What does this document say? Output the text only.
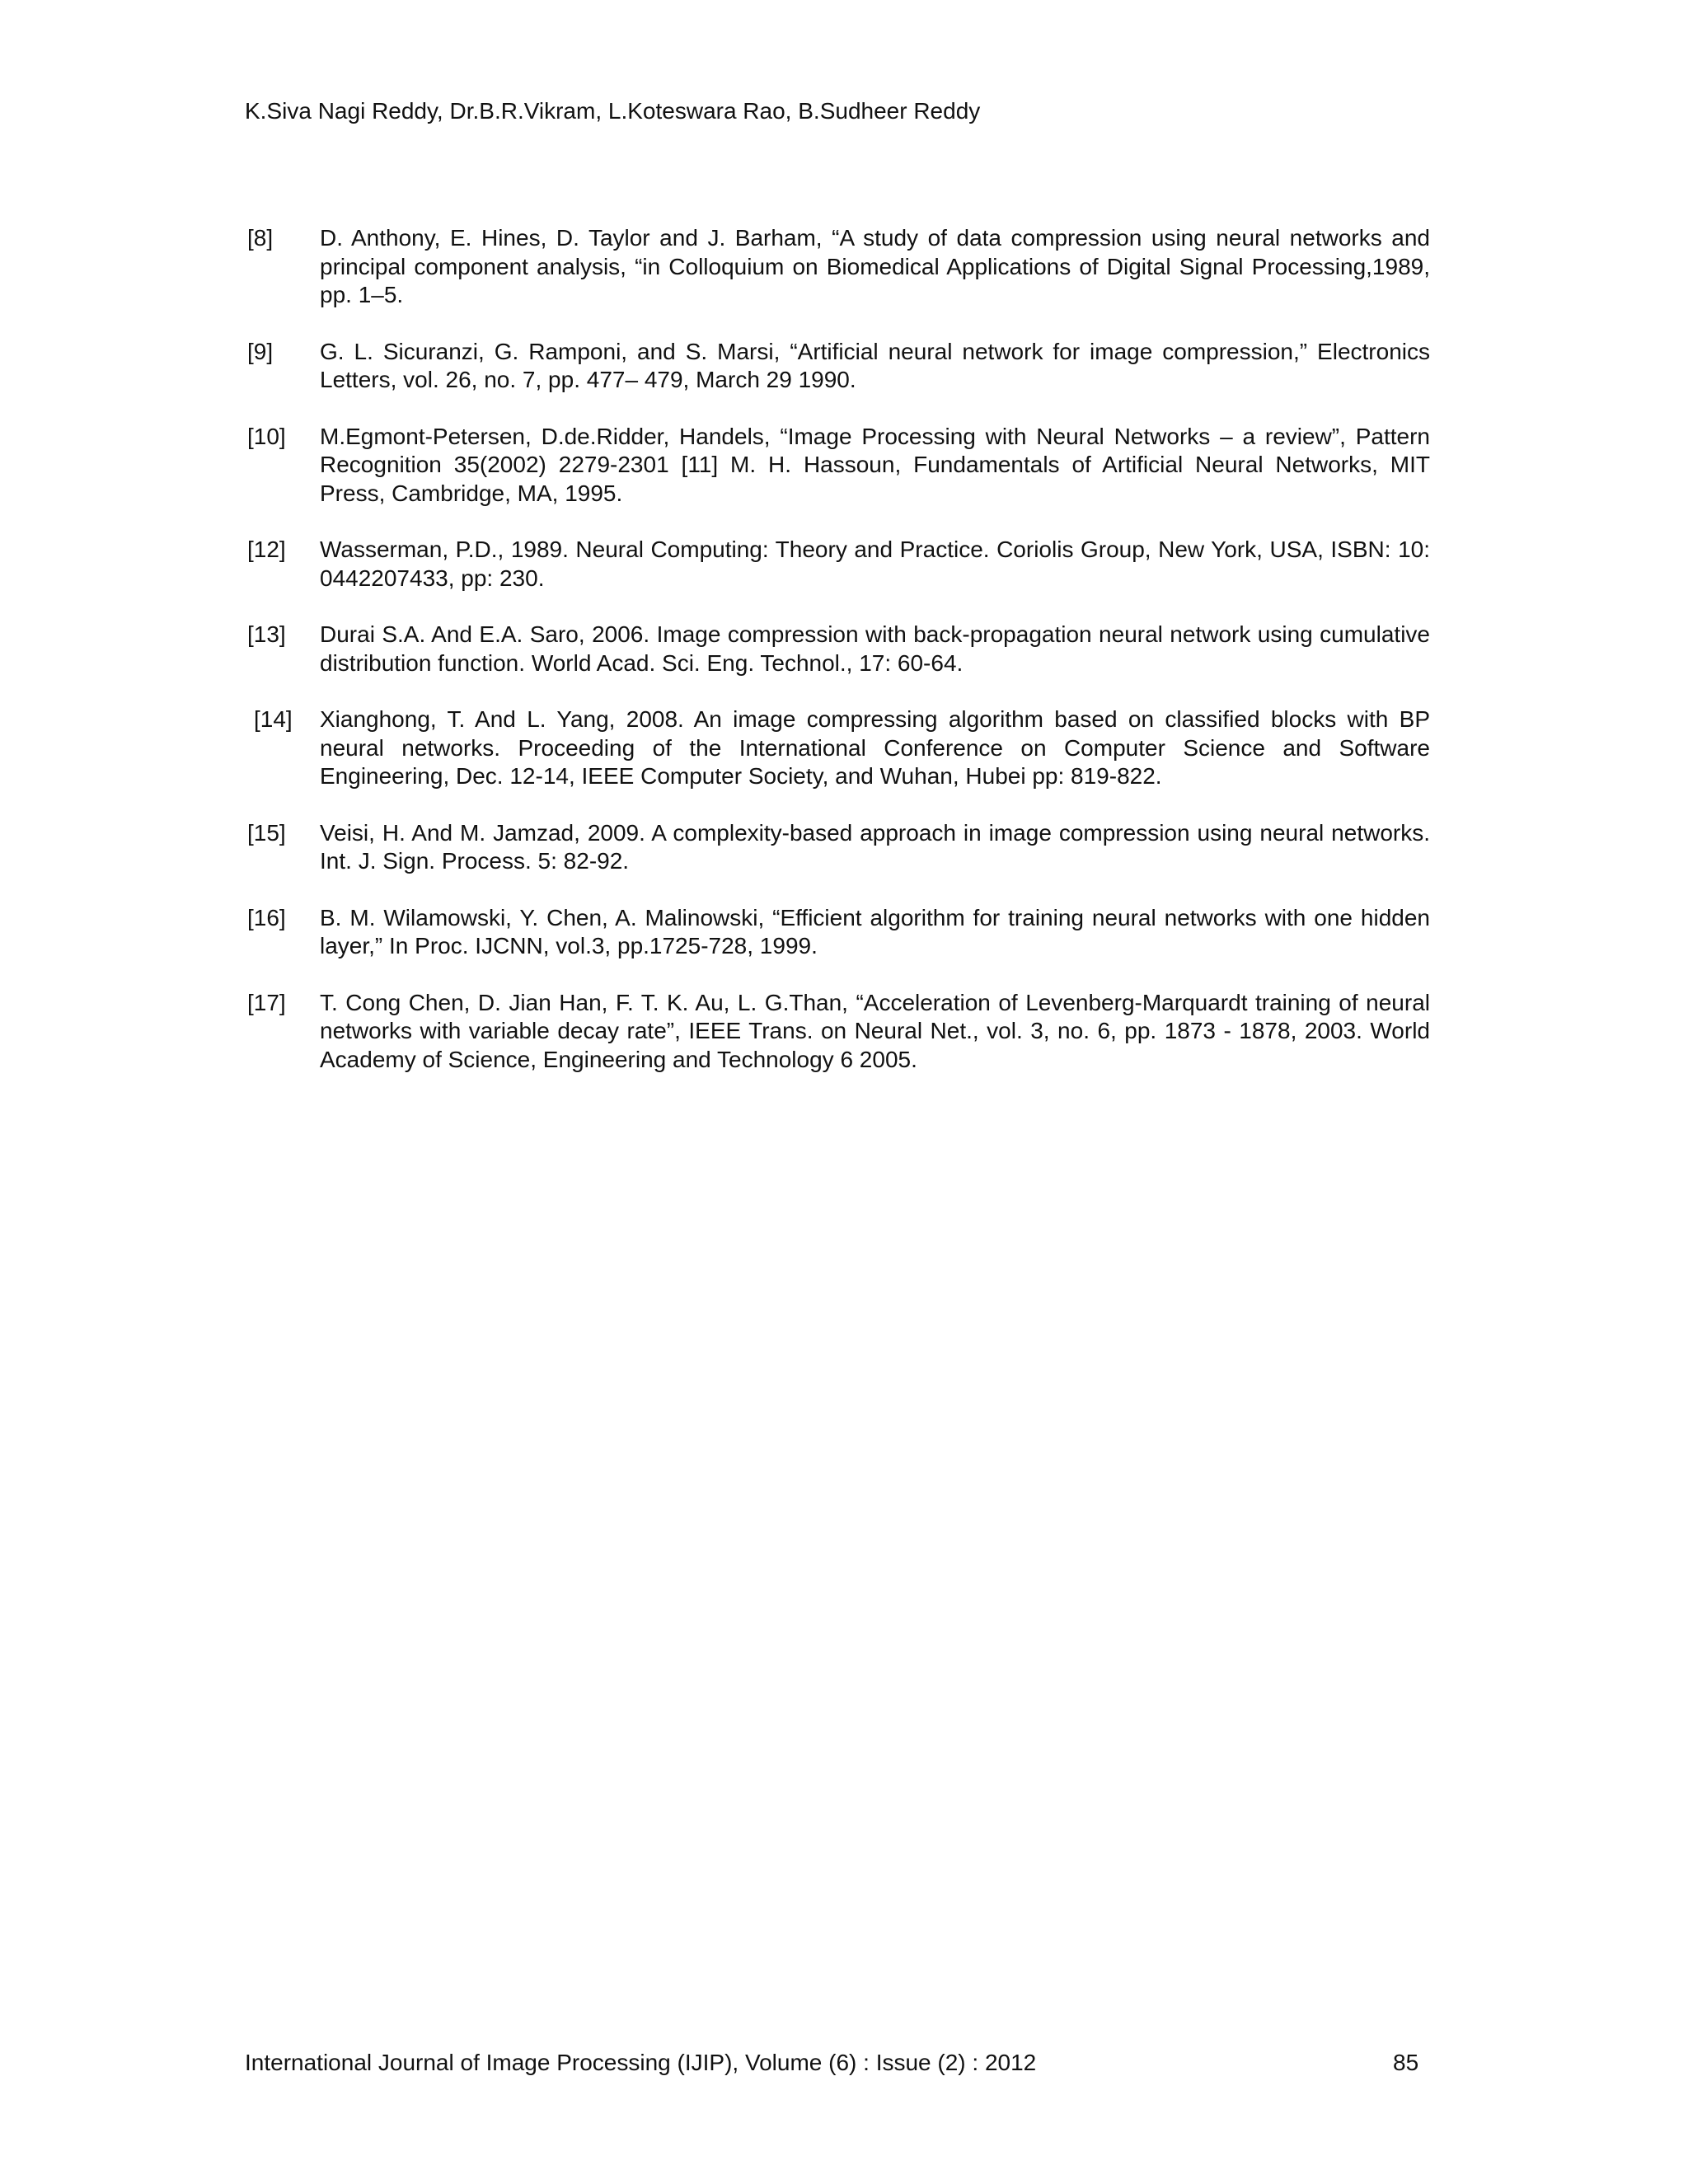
K.Siva Nagi Reddy, Dr.B.R.Vikram, L.Koteswara Rao, B.Sudheer Reddy
[8]	D. Anthony, E. Hines, D. Taylor and J. Barham, “A study of data compression using neural networks and principal component analysis, “in Colloquium on Biomedical Applications of Digital Signal Processing,1989, pp. 1–5.
[9]	G. L. Sicuranzi, G. Ramponi, and S. Marsi, “Artificial neural network for image compression,” Electronics Letters, vol. 26, no. 7, pp. 477– 479, March 29 1990.
[10]	M.Egmont-Petersen, D.de.Ridder, Handels, “Image Processing with Neural Networks – a review”, Pattern Recognition 35(2002) 2279-2301 [11] M. H. Hassoun, Fundamentals of Artificial Neural Networks, MIT Press, Cambridge, MA, 1995.
[12]	Wasserman, P.D., 1989. Neural Computing: Theory and Practice. Coriolis Group, New York, USA, ISBN: 10: 0442207433, pp: 230.
[13]	Durai S.A. And E.A. Saro, 2006. Image compression with back-propagation neural network using cumulative distribution function. World Acad. Sci. Eng. Technol., 17: 60-64.
[14]	Xianghong, T. And L. Yang, 2008. An image compressing algorithm based on classified blocks with BP neural networks. Proceeding of the International Conference on Computer Science and Software Engineering, Dec. 12-14, IEEE Computer Society, and Wuhan, Hubei pp: 819-822.
[15]	Veisi, H. And M. Jamzad, 2009. A complexity-based approach in image compression using neural networks. Int. J. Sign. Process. 5: 82-92.
[16]	B. M. Wilamowski, Y. Chen, A. Malinowski, “Efficient algorithm for training neural networks with one hidden layer,” In Proc. IJCNN, vol.3, pp.1725-728, 1999.
[17]	T. Cong Chen, D. Jian Han, F. T. K. Au, L. G.Than, “Acceleration of Levenberg-Marquardt training of neural networks with variable decay rate”, IEEE Trans. on Neural Net., vol. 3, no. 6, pp. 1873 - 1878, 2003. World Academy of Science, Engineering and Technology 6 2005.
International Journal of Image Processing (IJIP), Volume (6) : Issue (2) : 2012	85
